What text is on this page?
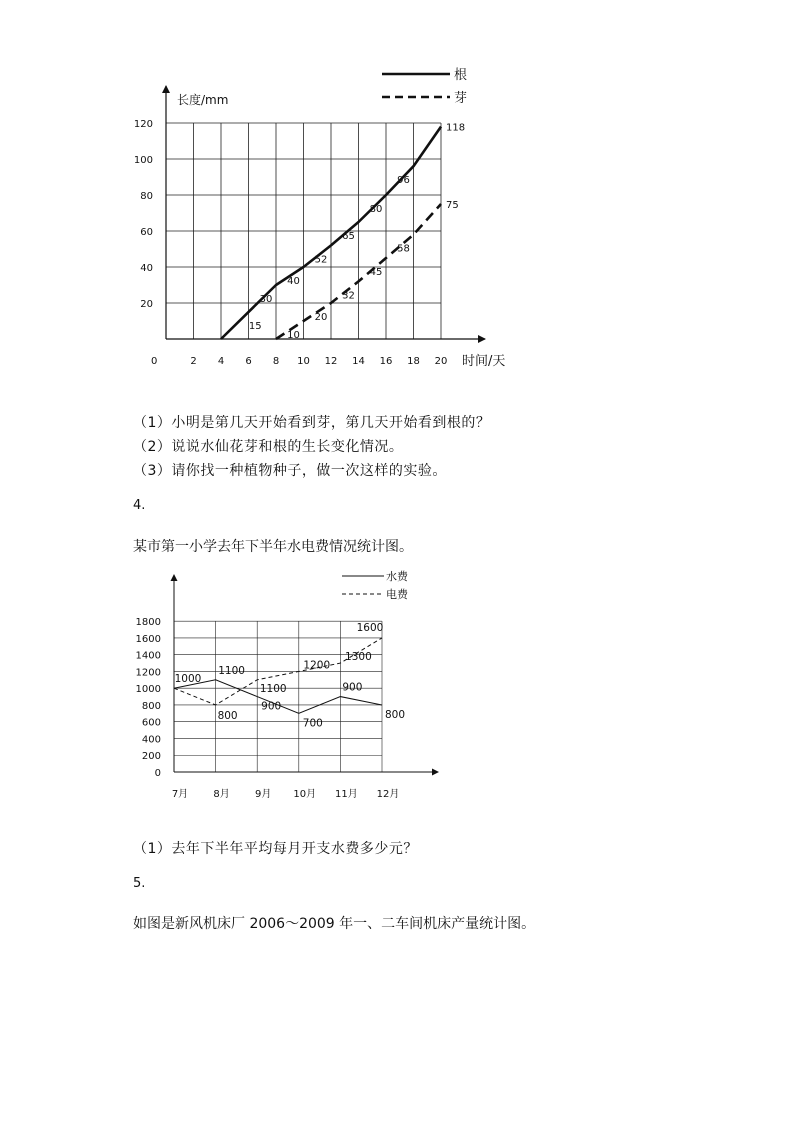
长度/mm
时间/天
0
20
40
60
80
100
120
2 4 6 8 10 12 14 16 18 20
30
40
52
65
80
96
118
10
20
32
45
58
75
15
根
芽
（1）小明是第几天开始看到芽，第几天开始看到根的？
（2）说说水仙花芽和根的生长变化情况。
（3）请你找一种植物种子，做一次这样的实验。
4.
某市第一小学去年下半年水电费情况统计图。
0
200
400
600
800
1000
1200
1400
1600
1800
7月	8月	9月 10月 11月 12月
1000
1100
900
700
900
800
800
1100
1200
1300
1600
水费
电费
（1）去年下半年平均每月开支水费多少元？
5.
如图是新风机床厂 2006～2009 年一、二车间机床产量统计图。
